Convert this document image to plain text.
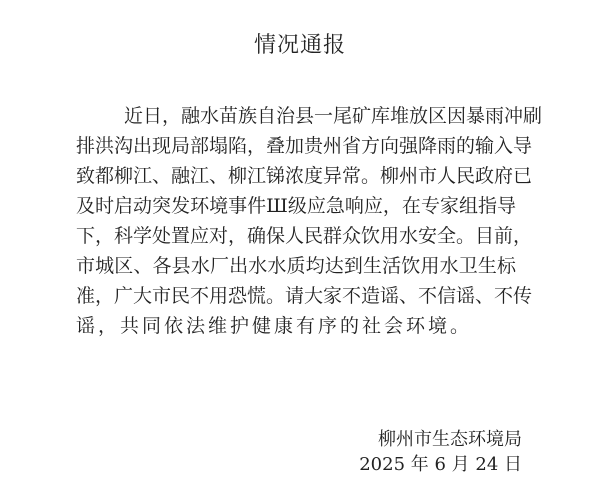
情况通报
近日，融水苗族自治县一尾矿库堆放区因暴雨冲刷
排洪沟出现局部塌陷，叠加贵州省方向强降雨的输入导
致都柳江、融江、柳江锑浓度异常。柳州市人民政府已
及时启动突发环境事件Ш级应急响应，在专家组指导
下，科学处置应对，确保人民群众饮用水安全。目前，
市城区、各县水厂出水水质均达到生活饮用水卫生标
准，广大市民不用恐慌。请大家不造谣、不信谣、不传
谣，共同依法维护健康有序的社会环境。
柳州市生态环境局
2025 年 6 月 24 日
